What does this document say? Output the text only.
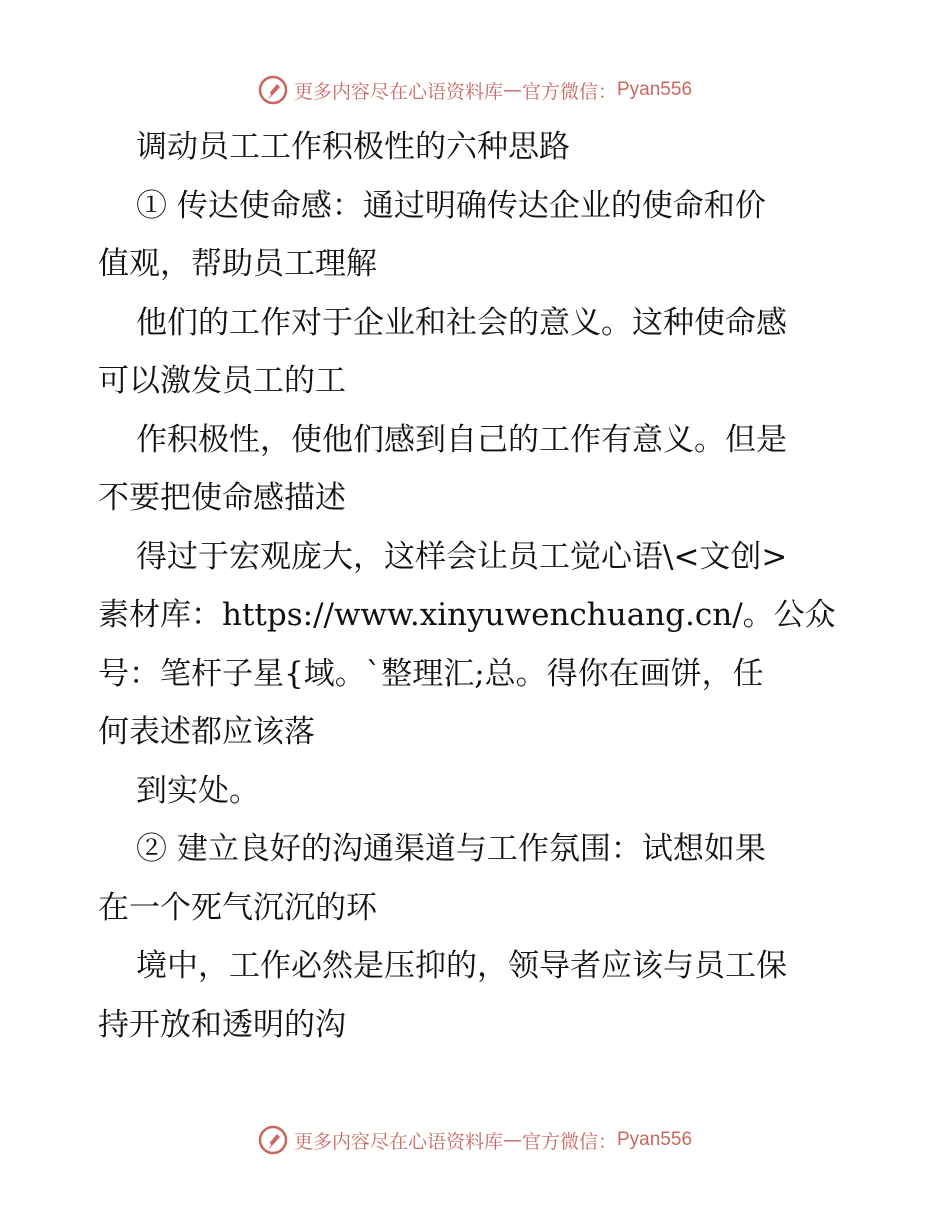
更多内容尽在心语资料库 — 官方微信： Pyan556
调动员工工作积极性的六种思路
① 传达使命感：通过明确传达企业的使命和价
值观，帮助员工理解
他们的工作对于企业和社会的意义。这种使命感
可以激发员工的工
作积极性，使他们感到自己的工作有意义。但是
不要把使命感描述
得过于宏观庞大，这样会让员工觉心语\<文创>
素材库：https://www.xinyuwenchuang.cn/。公众
号：笔杆子星{域。`整理汇;总。得你在画饼，任
何表述都应该落
到实处。
② 建立良好的沟通渠道与工作氛围：试想如果
在一个死气沉沉的环
境中，工作必然是压抑的，领导者应该与员工保
持开放和透明的沟
更多内容尽在心语资料库 — 官方微信： Pyan556
